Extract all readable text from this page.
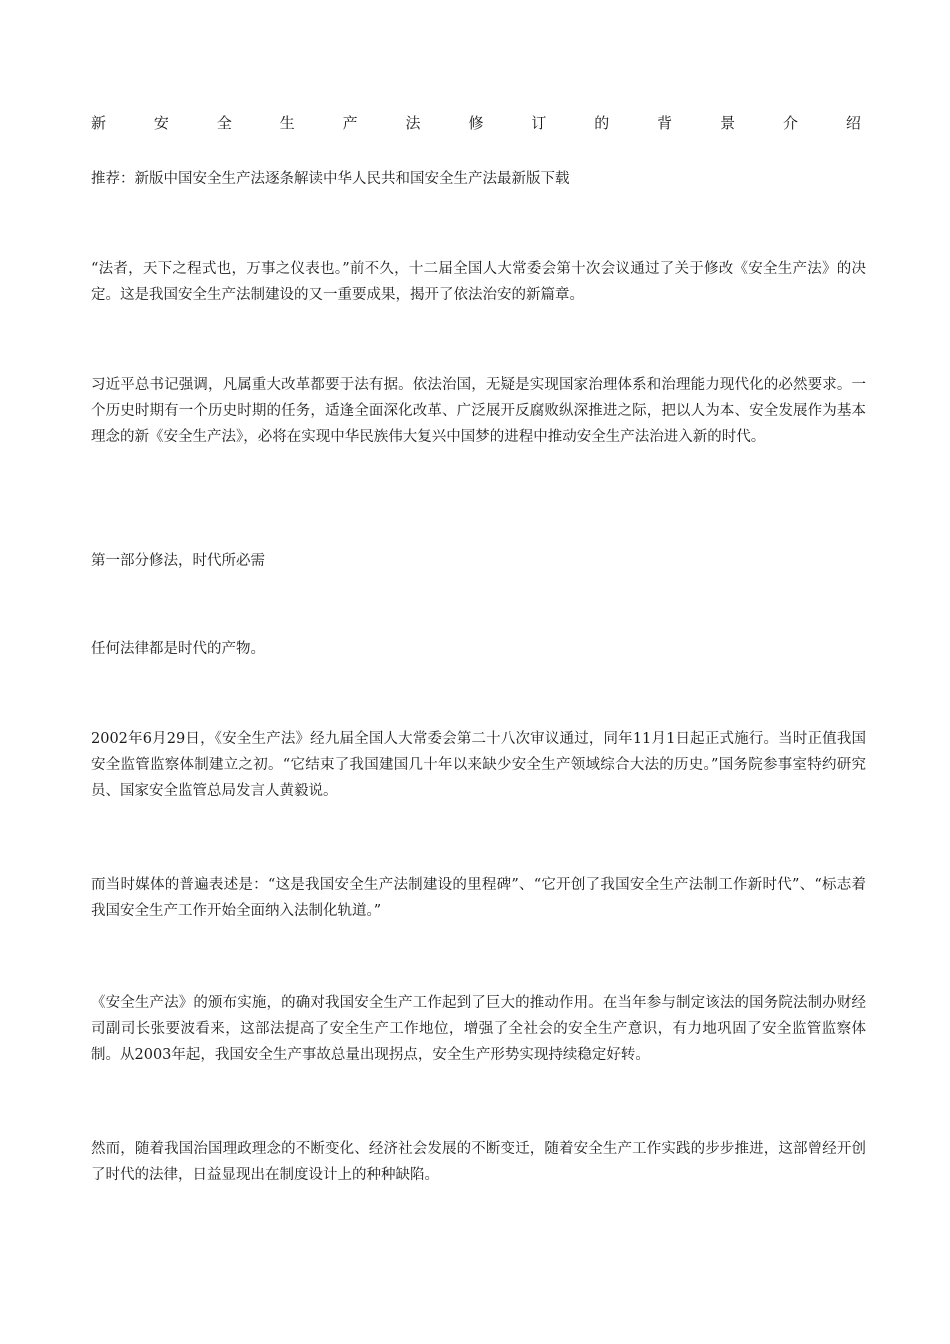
新	安	全	生	产	法	修	订	的	背	景	介	绍

推荐：新版中国安全生产法逐条解读中华人民共和国安全生产法最新版下载

“法者，天下之程式也，万事之仪表也。”前不久，十二届全国人大常委会第十次会议通过了关于修改《安全生产法》的决定。这是我国安全生产法制建设的又一重要成果，揭开了依法治安的新篇章。

习近平总书记强调，凡属重大改革都要于法有据。依法治国，无疑是实现国家治理体系和治理能力现代化的必然要求。一个历史时期有一个历史时期的任务，适逢全面深化改革、广泛展开反腐败纵深推进之际，把以人为本、安全发展作为基本理念的新《安全生产法》，必将在实现中华民族伟大复兴中国梦的进程中推动安全生产法治进入新的时代。

第一部分修法，时代所必需

任何法律都是时代的产物。

2002年6月29日，《安全生产法》经九届全国人大常委会第二十八次审议通过，同年11月1日起正式施行。当时正值我国安全监管监察体制建立之初。“它结束了我国建国几十年以来缺少安全生产领域综合大法的历史。”国务院参事室特约研究员、国家安全监管总局发言人黄毅说。

而当时媒体的普遍表述是：“这是我国安全生产法制建设的里程碑”、“它开创了我国安全生产法制工作新时代”、“标志着我国安全生产工作开始全面纳入法制化轨道。”

《安全生产法》的颁布实施，的确对我国安全生产工作起到了巨大的推动作用。在当年参与制定该法的国务院法制办财经司副司长张要波看来，这部法提高了安全生产工作地位，增强了全社会的安全生产意识，有力地巩固了安全监管监察体制。从2003年起，我国安全生产事故总量出现拐点，安全生产形势实现持续稳定好转。

然而，随着我国治国理政理念的不断变化、经济社会发展的不断变迁，随着安全生产工作实践的步步推进，这部曾经开创了时代的法律，日益显现出在制度设计上的种种缺陷。
